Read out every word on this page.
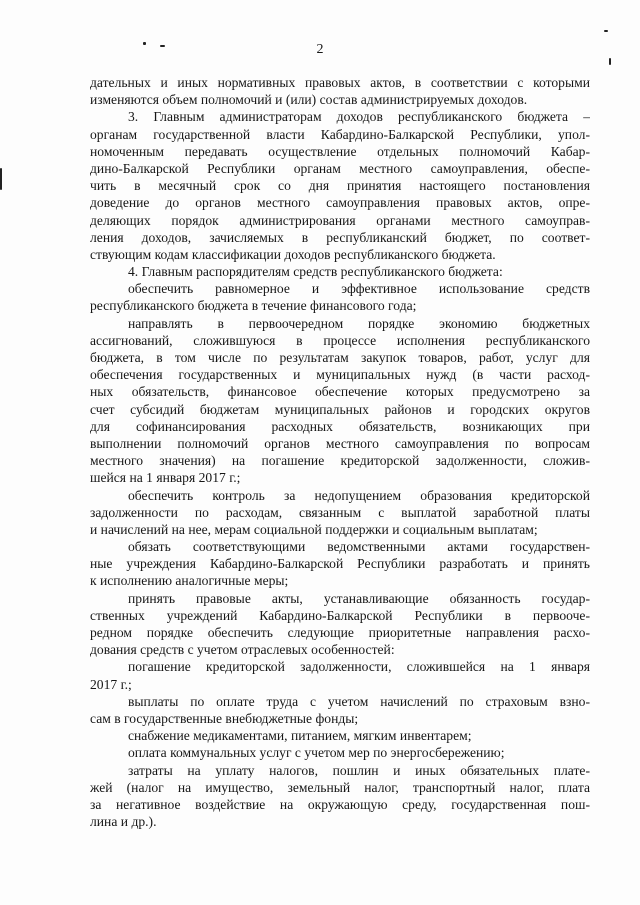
2
дательных и иных нормативных правовых актов, в соответствии с которыми
изменяются объем полномочий и (или) состав администрируемых доходов.
3. Главным администраторам доходов республиканского бюджета –
органам государственной власти Кабардино-Балкарской Республики, упол-
номоченным передавать осуществление отдельных полномочий Кабар-
дино-Балкарской Республики органам местного самоуправления, обеспе-
чить в месячный срок со дня принятия настоящего постановления
доведение до органов местного самоуправления правовых актов, опре-
деляющих порядок администрирования органами местного самоуправ-
ления доходов, зачисляемых в республиканский бюджет, по соответ-
ствующим кодам классификации доходов республиканского бюджета.
4. Главным распорядителям средств республиканского бюджета:
обеспечить равномерное и эффективное использование средств
республиканского бюджета в течение финансового года;
направлять в первоочередном порядке экономию бюджетных
ассигнований, сложившуюся в процессе исполнения республиканского
бюджета, в том числе по результатам закупок товаров, работ, услуг для
обеспечения государственных и муниципальных нужд (в части расход-
ных обязательств, финансовое обеспечение которых предусмотрено за
счет субсидий бюджетам муниципальных районов и городских округов
для софинансирования расходных обязательств, возникающих при
выполнении полномочий органов местного самоуправления по вопросам
местного значения) на погашение кредиторской задолженности, сложив-
шейся на 1 января 2017 г.;
обеспечить контроль за недопущением образования кредиторской
задолженности по расходам, связанным с выплатой заработной платы
и начислений на нее, мерам социальной поддержки и социальным выплатам;
обязать соответствующими ведомственными актами государствен-
ные учреждения Кабардино-Балкарской Республики разработать и принять
к исполнению аналогичные меры;
принять правовые акты, устанавливающие обязанность государ-
ственных учреждений Кабардино-Балкарской Республики в первооче-
редном порядке обеспечить следующие приоритетные направления расхо-
дования средств с учетом отраслевых особенностей:
погашение кредиторской задолженности, сложившейся на 1 января
2017 г.;
выплаты по оплате труда с учетом начислений по страховым взно-
сам в государственные внебюджетные фонды;
снабжение медикаментами, питанием, мягким инвентарем;
оплата коммунальных услуг с учетом мер по энергосбережению;
затраты на уплату налогов, пошлин и иных обязательных плате-
жей (налог на имущество, земельный налог, транспортный налог, плата
за негативное воздействие на окружающую среду, государственная пош-
лина и др.).
